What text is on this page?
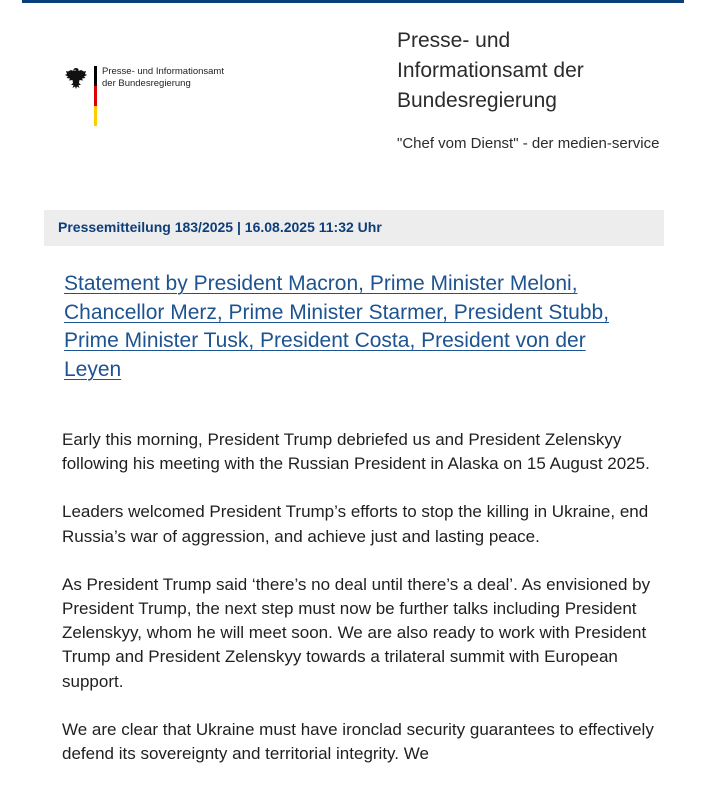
Presse- und Informationsamt
der Bundesregierung
Presse- und
Informationsamt der
Bundesregierung
"Chef vom Dienst" - der medien-service
Pressemitteilung 183/2025 | 16.08.2025 11:32 Uhr
Statement by President Macron, Prime Minister Meloni, Chancellor Merz, Prime Minister Starmer, President Stubb, Prime Minister Tusk, President Costa, President von der Leyen

Early this morning, President Trump debriefed us and President Zelenskyy following his meeting with the Russian President in Alaska on 15 August 2025.

Leaders welcomed President Trump’s efforts to stop the killing in Ukraine, end Russia’s war of aggression, and achieve just and lasting peace.

As President Trump said ‘there’s no deal until there’s a deal’. As envisioned by President Trump, the next step must now be further talks including President Zelenskyy, whom he will meet soon. We are also ready to work with President Trump and President Zelenskyy towards a trilateral summit with European support.

We are clear that Ukraine must have ironclad security guarantees to effectively defend its sovereignty and territorial integrity. We
